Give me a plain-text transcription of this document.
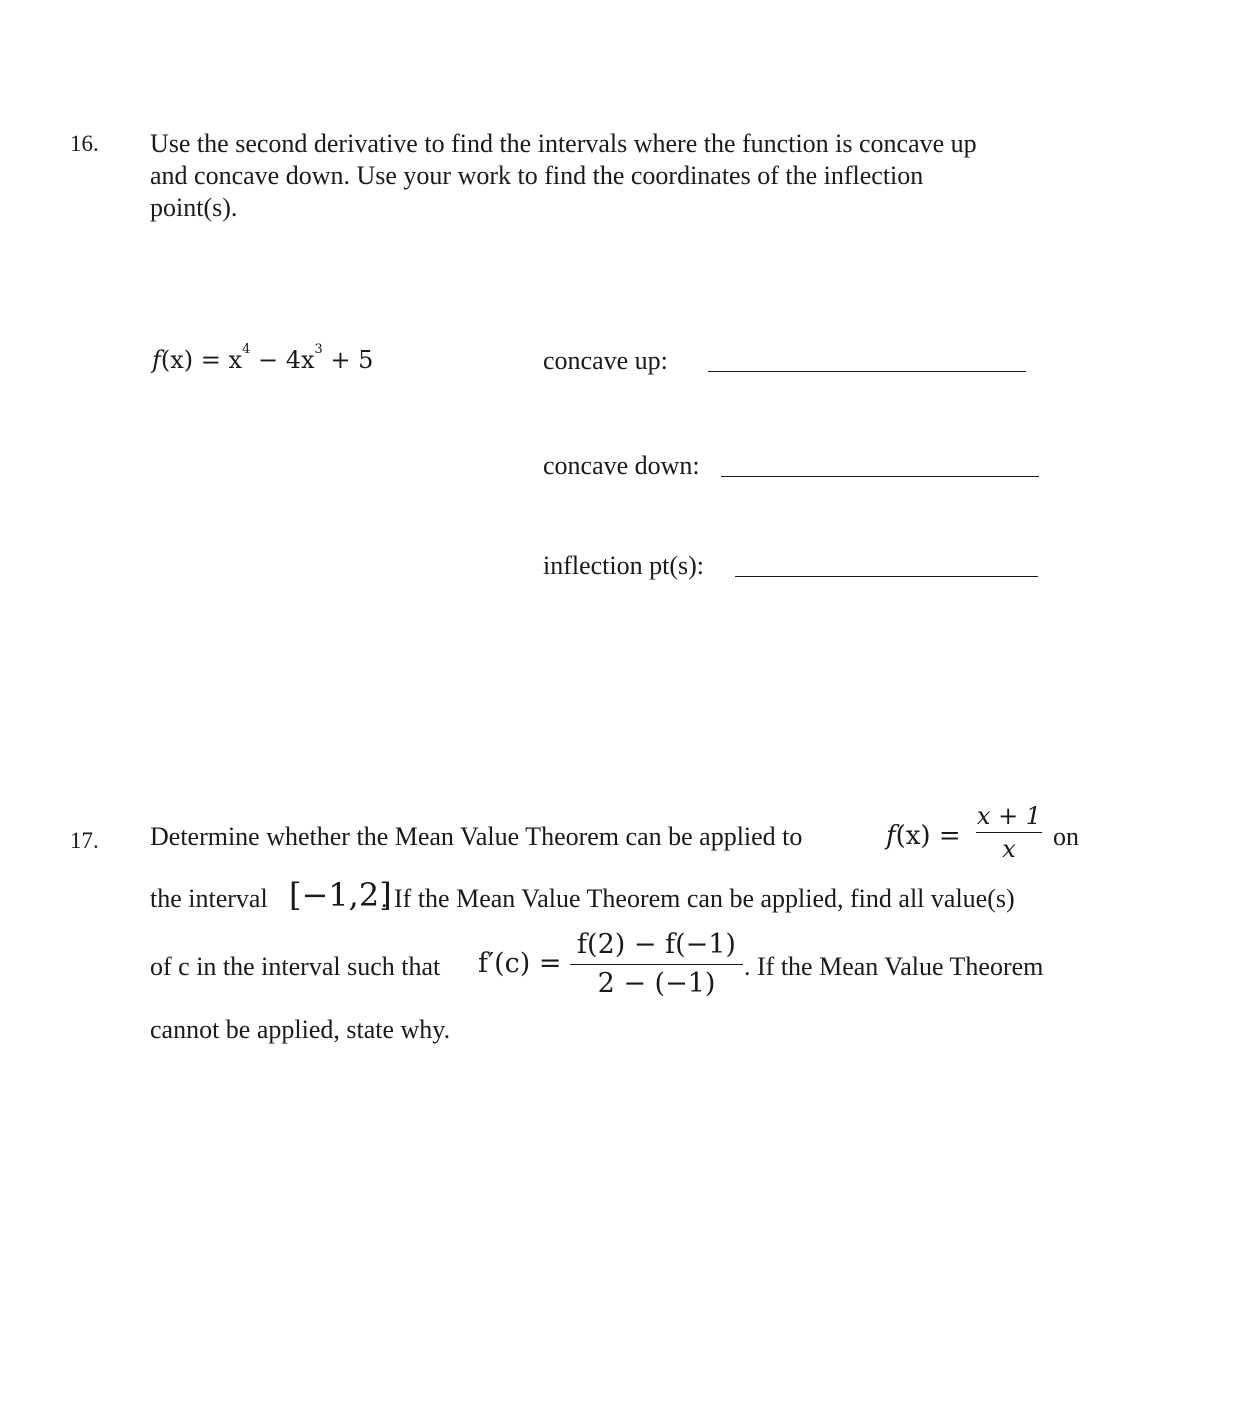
16. Use the second derivative to find the intervals where the function is concave up
and concave down. Use your work to find the coordinates of the inflection
point(s).
$f(x) = x^4 - 4x^3 + 5$	concave up:
concave down:
inflection pt(s):
17. Determine whether the Mean Value Theorem can be applied to	$f(x) = \frac{x + 1}{x}$ on
the interval [−1,2]
. If the Mean Value Theorem can be applied, find all value(s)
of c in the interval such that $f'(c) = \frac{f(2) - f(-1)}{2 - (-1)}$ . If the Mean Value Theorem
cannot be applied, state why.
